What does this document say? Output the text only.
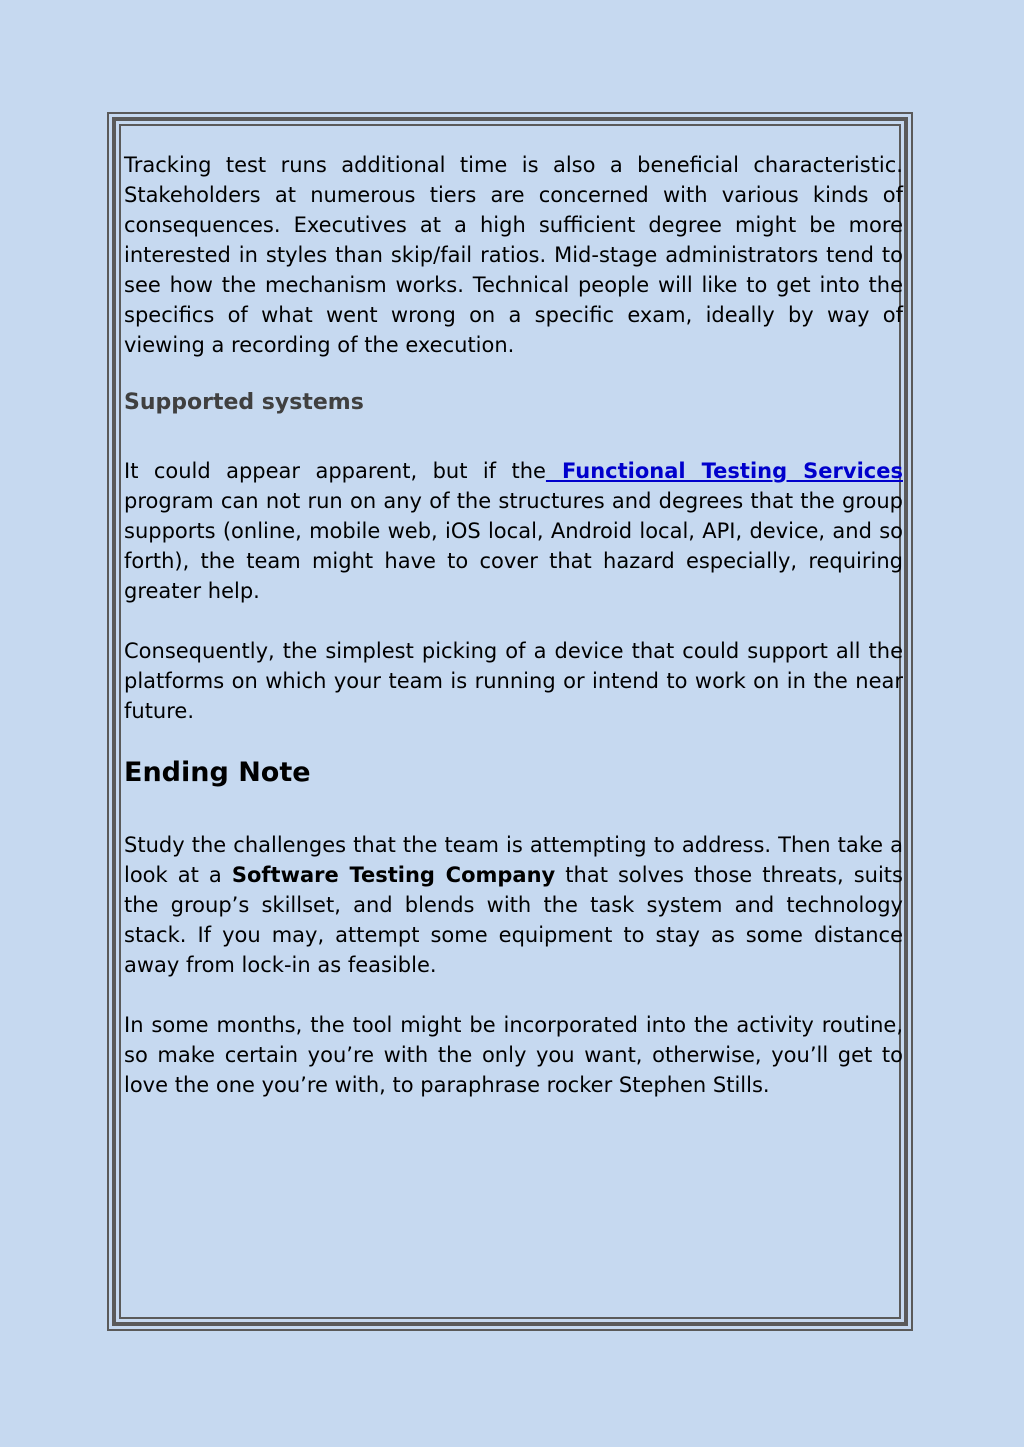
Tracking test runs additional time is also a beneficial characteristic. Stakeholders at numerous tiers are concerned with various kinds of consequences. Executives at a high sufficient degree might be more interested in styles than skip/fail ratios. Mid-stage administrators tend to see how the mechanism works. Technical people will like to get into the specifics of what went wrong on a specific exam, ideally by way of viewing a recording of the execution.

Supported systems

It could appear apparent, but if the Functional Testing Services program can not run on any of the structures and degrees that the group supports (online, mobile web, iOS local, Android local, API, device, and so forth), the team might have to cover that hazard especially, requiring greater help.

Consequently, the simplest picking of a device that could support all the platforms on which your team is running or intend to work on in the near future.

Ending Note

Study the challenges that the team is attempting to address. Then take a look at a Software Testing Company that solves those threats, suits the group’s skillset, and blends with the task system and technology stack. If you may, attempt some equipment to stay as some distance away from lock-in as feasible.

In some months, the tool might be incorporated into the activity routine, so make certain you’re with the only you want, otherwise, you’ll get to love the one you’re with, to paraphrase rocker Stephen Stills.
